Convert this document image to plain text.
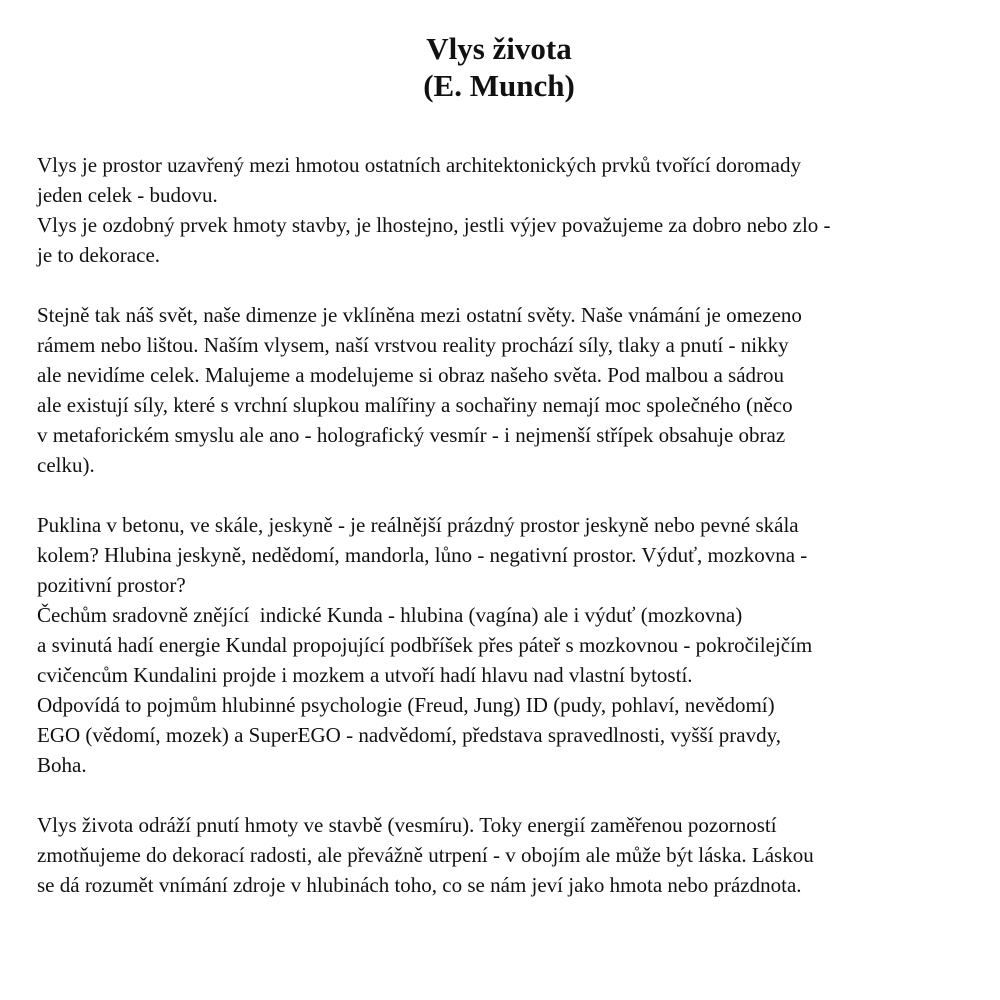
Vlys života
(E. Munch)

Vlys je prostor uzavřený mezi hmotou ostatních architektonických prvků tvořící doromady
jeden celek - budovu.
Vlys je ozdobný prvek hmoty stavby, je lhostejno, jestli výjev považujeme za dobro nebo zlo -
je to dekorace.

Stejně tak náš svět, naše dimenze je vklíněna mezi ostatní světy. Naše vnámání je omezeno
rámem nebo lištou. Naším vlysem, naší vrstvou reality prochází síly, tlaky a pnutí - nikky
ale nevidíme celek. Malujeme a modelujeme si obraz našeho světa. Pod malbou a sádrou
ale existují síly, které s vrchní slupkou malířiny a sochařiny nemají moc společného (něco
v metaforickém smyslu ale ano - holografický vesmír - i nejmenší střípek obsahuje obraz
celku).

Puklina v betonu, ve skále, jeskyně - je reálnější prázdný prostor jeskyně nebo pevné skála
kolem? Hlubina jeskyně, nedědomí, mandorla, lůno - negativní prostor. Výduť, mozkovna -
pozitivní prostor?
Čechům sradovně znějící  indické Kunda - hlubina (vagína) ale i výduť (mozkovna)
a svinutá hadí energie Kundal propojující podbříšek přes páteř s mozkovnou - pokročilejčím
cvičencům Kundalini projde i mozkem a utvoří hadí hlavu nad vlastní bytostí.
Odpovídá to pojmům hlubinné psychologie (Freud, Jung) ID (pudy, pohlaví, nevědomí)
EGO (vědomí, mozek) a SuperEGO - nadvědomí, představa spravedlnosti, vyšší pravdy,
Boha.

Vlys života odráží pnutí hmoty ve stavbě (vesmíru). Toky energií zaměřenou pozorností
zmotňujeme do dekorací radosti, ale převážně utrpení - v obojím ale může být láska. Láskou
se dá rozumět vnímání zdroje v hlubinách toho, co se nám jeví jako hmota nebo prázdnota.
